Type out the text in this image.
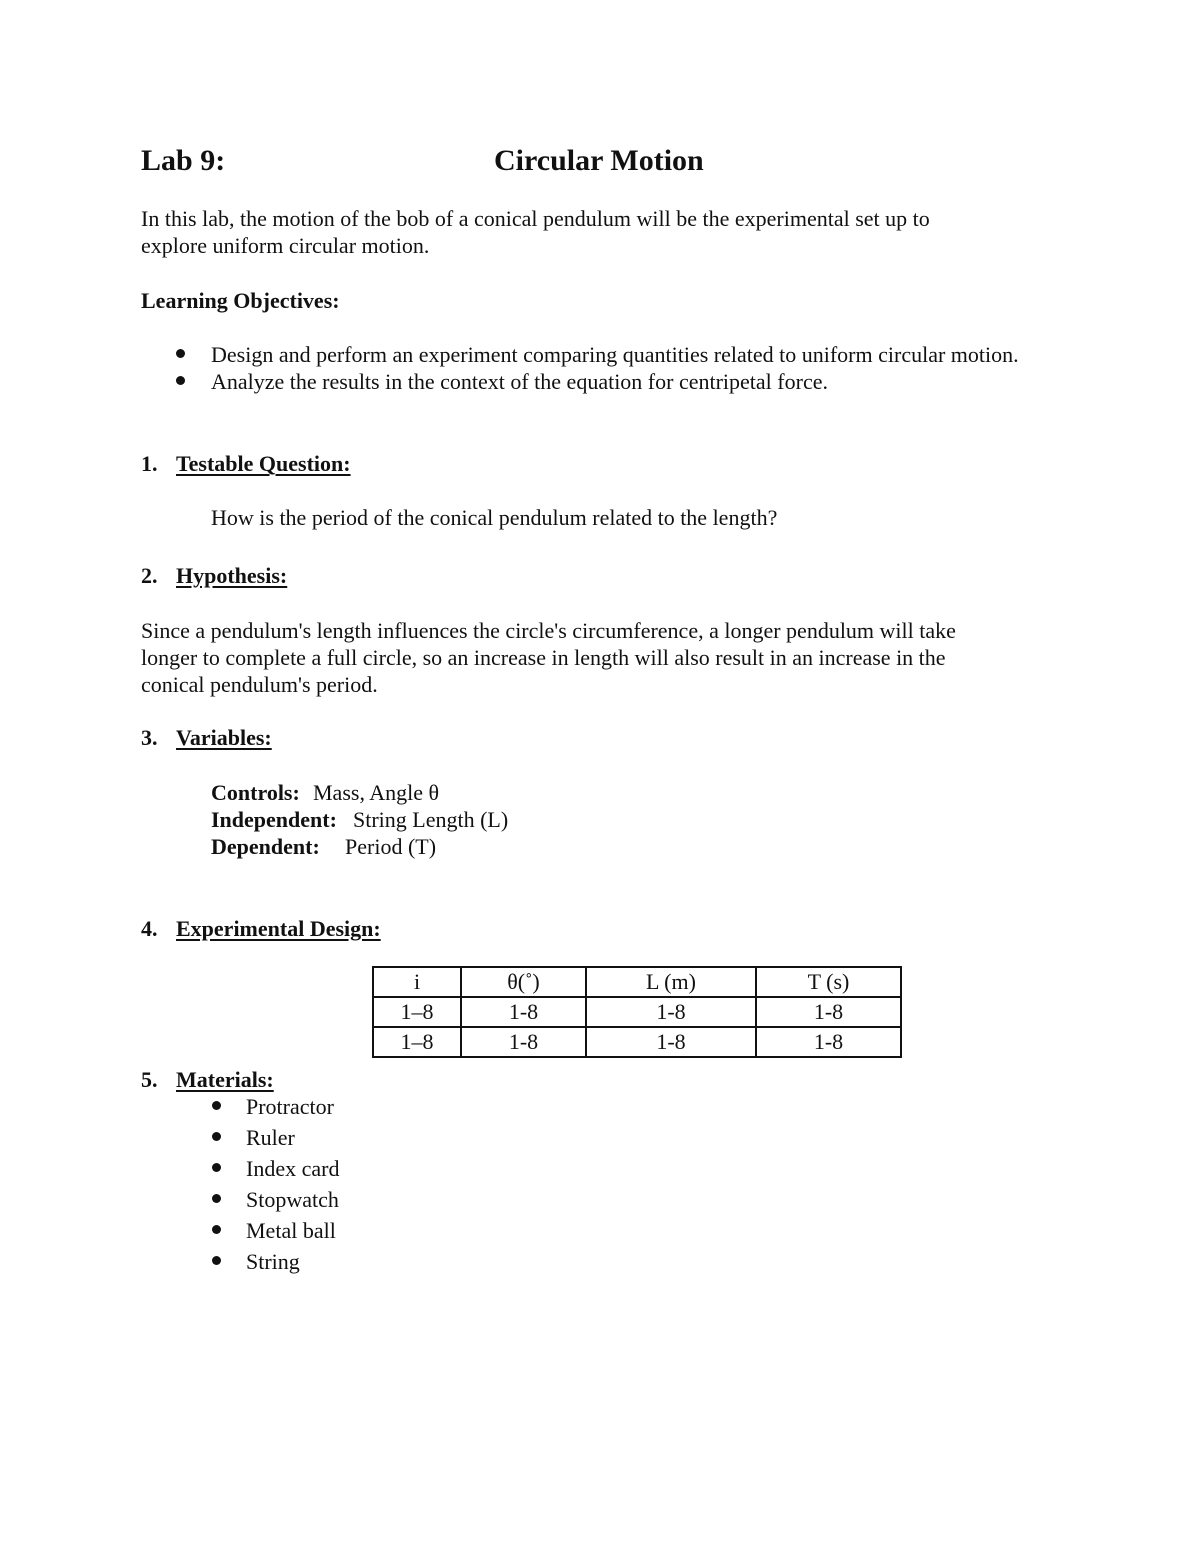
Lab 9:	Circular Motion
In this lab, the motion of the bob of a conical pendulum will be the experimental set up to
explore uniform circular motion.
Learning Objectives:
Design and perform an experiment comparing quantities related to uniform circular motion.
Analyze the results in the context of the equation for centripetal force.
1. Testable Question:
How is the period of the conical pendulum related to the length?
2. Hypothesis:
Since a pendulum's length influences the circle's circumference, a longer pendulum will take
longer to complete a full circle, so an increase in length will also result in an increase in the
conical pendulum's period.
3. Variables:
Controls: Mass, Angle θ
Independent: String Length (L)
Dependent: Period (T)
4. Experimental Design:
i	θ(˚)	L (m)	T (s)
1–8	1-8	1-8	1-8
1–8	1-8	1-8	1-8
5. Materials:
Protractor
Ruler
Index card
Stopwatch
Metal ball
String
